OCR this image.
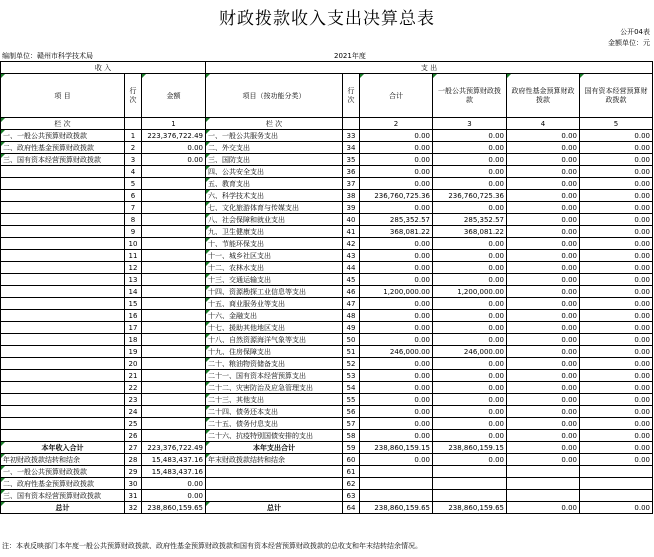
财政拨款收入支出决算总表
公开04表
金额单位：元
编制单位：赣州市科学技术局	2021年度
收 入			支 出					
项 目	行次	金额	项目（按功能分类）	行次	合计	一般公共预算财政拨款	政府性基金预算财政拨款	国有资本经营预算财政拨款
栏 次		1	栏 次		2	3	4	5
一、一般公共预算财政拨款	1	223,376,722.49	一、一般公共服务支出	33	0.00	0.00	0.00	0.00
二、政府性基金预算财政拨款	2	0.00	二、外交支出	34	0.00	0.00	0.00	0.00
三、国有资本经营预算财政拨款	3	0.00	三、国防支出	35	0.00	0.00	0.00	0.00
	4		四、公共安全支出	36	0.00	0.00	0.00	0.00
	5		五、教育支出	37	0.00	0.00	0.00	0.00
	6		六、科学技术支出	38	236,760,725.36	236,760,725.36	0.00	0.00
	7		七、文化旅游体育与传媒支出	39	0.00	0.00	0.00	0.00
	8		八、社会保障和就业支出	40	285,352.57	285,352.57	0.00	0.00
	9		九、卫生健康支出	41	368,081.22	368,081.22	0.00	0.00
	10		十、节能环保支出	42	0.00	0.00	0.00	0.00
	11		十一、城乡社区支出	43	0.00	0.00	0.00	0.00
	12		十二、农林水支出	44	0.00	0.00	0.00	0.00
	13		十三、交通运输支出	45	0.00	0.00	0.00	0.00
	14		十四、资源勘探工业信息等支出	46	1,200,000.00	1,200,000.00	0.00	0.00
	15		十五、商业服务业等支出	47	0.00	0.00	0.00	0.00
	16		十六、金融支出	48	0.00	0.00	0.00	0.00
	17		十七、援助其他地区支出	49	0.00	0.00	0.00	0.00
	18		十八、自然资源海洋气象等支出	50	0.00	0.00	0.00	0.00
	19		十九、住房保障支出	51	246,000.00	246,000.00	0.00	0.00
	20		二十、粮油物资储备支出	52	0.00	0.00	0.00	0.00
	21		二十一、国有资本经营预算支出	53	0.00	0.00	0.00	0.00
	22		二十二、灾害防治及应急管理支出	54	0.00	0.00	0.00	0.00
	23		二十三、其他支出	55	0.00	0.00	0.00	0.00
	24		二十四、债务还本支出	56	0.00	0.00	0.00	0.00
	25		二十五、债务付息支出	57	0.00	0.00	0.00	0.00
	26		二十六、抗疫特别国债安排的支出	58	0.00	0.00	0.00	0.00
本年收入合计	27	223,376,722.49	本年支出合计	59	238,860,159.15	238,860,159.15	0.00	0.00
年初财政拨款结转和结余	28	15,483,437.16	年末财政拨款结转和结余	60	0.00	0.00	0.00	0.00
一、一般公共预算财政拨款	29	15,483,437.16		61				
二、政府性基金预算财政拨款	30	0.00		62				
三、国有资本经营预算财政拨款	31	0.00		63				
总计	32	238,860,159.65	总计	64	238,860,159.65	238,860,159.65	0.00	0.00
注：本表反映部门本年度一般公共预算财政拨款、政府性基金预算财政拨款和国有资本经营预算财政拨款的总收支和年末结转结余情况。
